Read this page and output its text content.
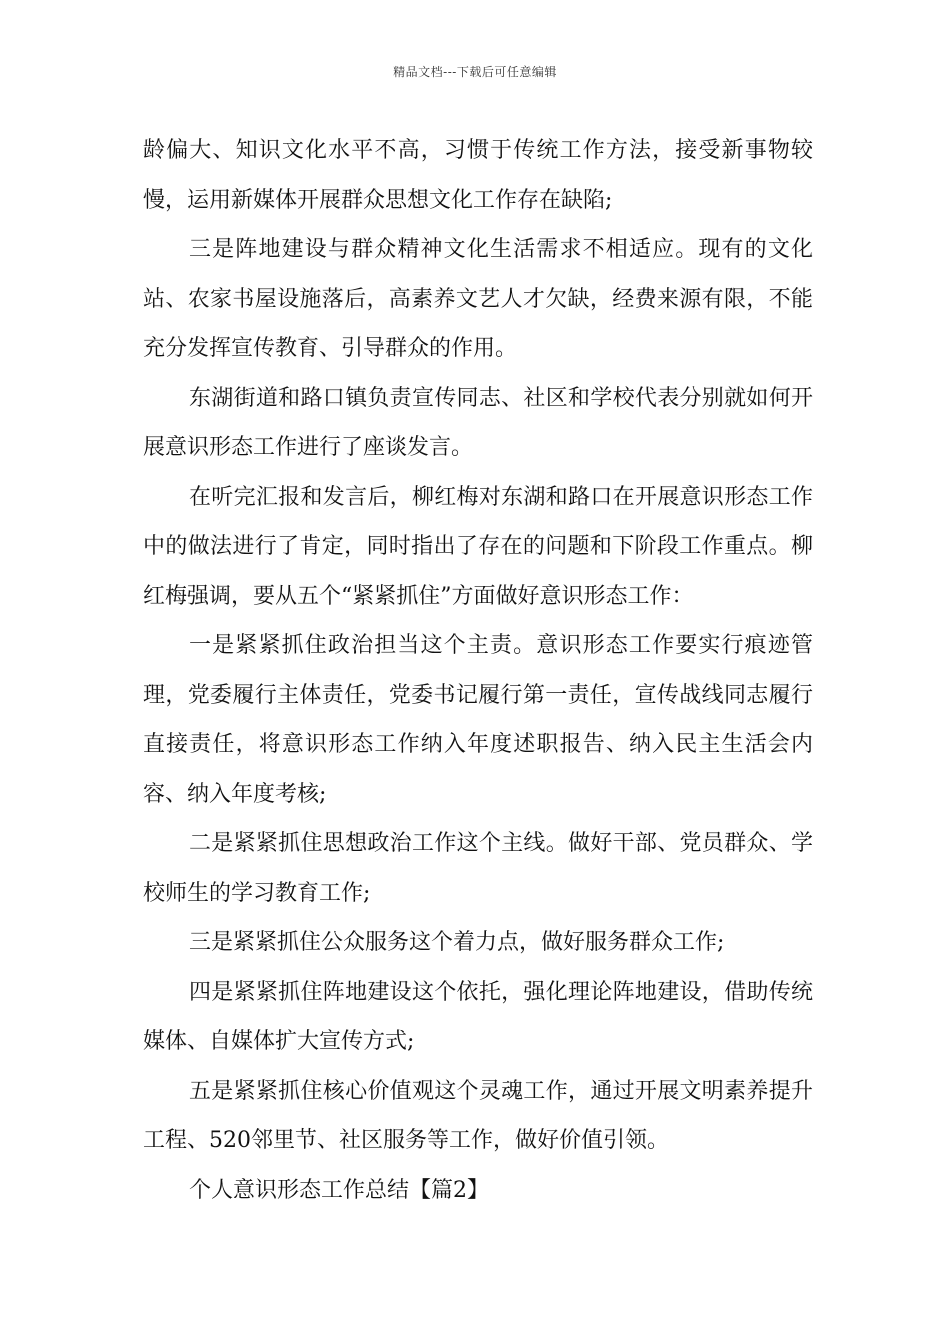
精品文档---下载后可任意编辑

龄偏大、知识文化水平不高，习惯于传统工作方法，接受新事物较慢，运用新媒体开展群众思想文化工作存在缺陷;

三是阵地建设与群众精神文化生活需求不相适应。现有的文化站、农家书屋设施落后，高素养文艺人才欠缺，经费来源有限，不能充分发挥宣传教育、引导群众的作用。

东湖街道和路口镇负责宣传同志、社区和学校代表分别就如何开展意识形态工作进行了座谈发言。

在听完汇报和发言后，柳红梅对东湖和路口在开展意识形态工作中的做法进行了肯定，同时指出了存在的问题和下阶段工作重点。柳红梅强调，要从五个“紧紧抓住”方面做好意识形态工作：

一是紧紧抓住政治担当这个主责。意识形态工作要实行痕迹管理，党委履行主体责任，党委书记履行第一责任，宣传战线同志履行直接责任，将意识形态工作纳入年度述职报告、纳入民主生活会内容、纳入年度考核;

二是紧紧抓住思想政治工作这个主线。做好干部、党员群众、学校师生的学习教育工作;

三是紧紧抓住公众服务这个着力点，做好服务群众工作;

四是紧紧抓住阵地建设这个依托，强化理论阵地建设，借助传统媒体、自媒体扩大宣传方式;

五是紧紧抓住核心价值观这个灵魂工作，通过开展文明素养提升工程、520邻里节、社区服务等工作，做好价值引领。

个人意识形态工作总结【篇2】
